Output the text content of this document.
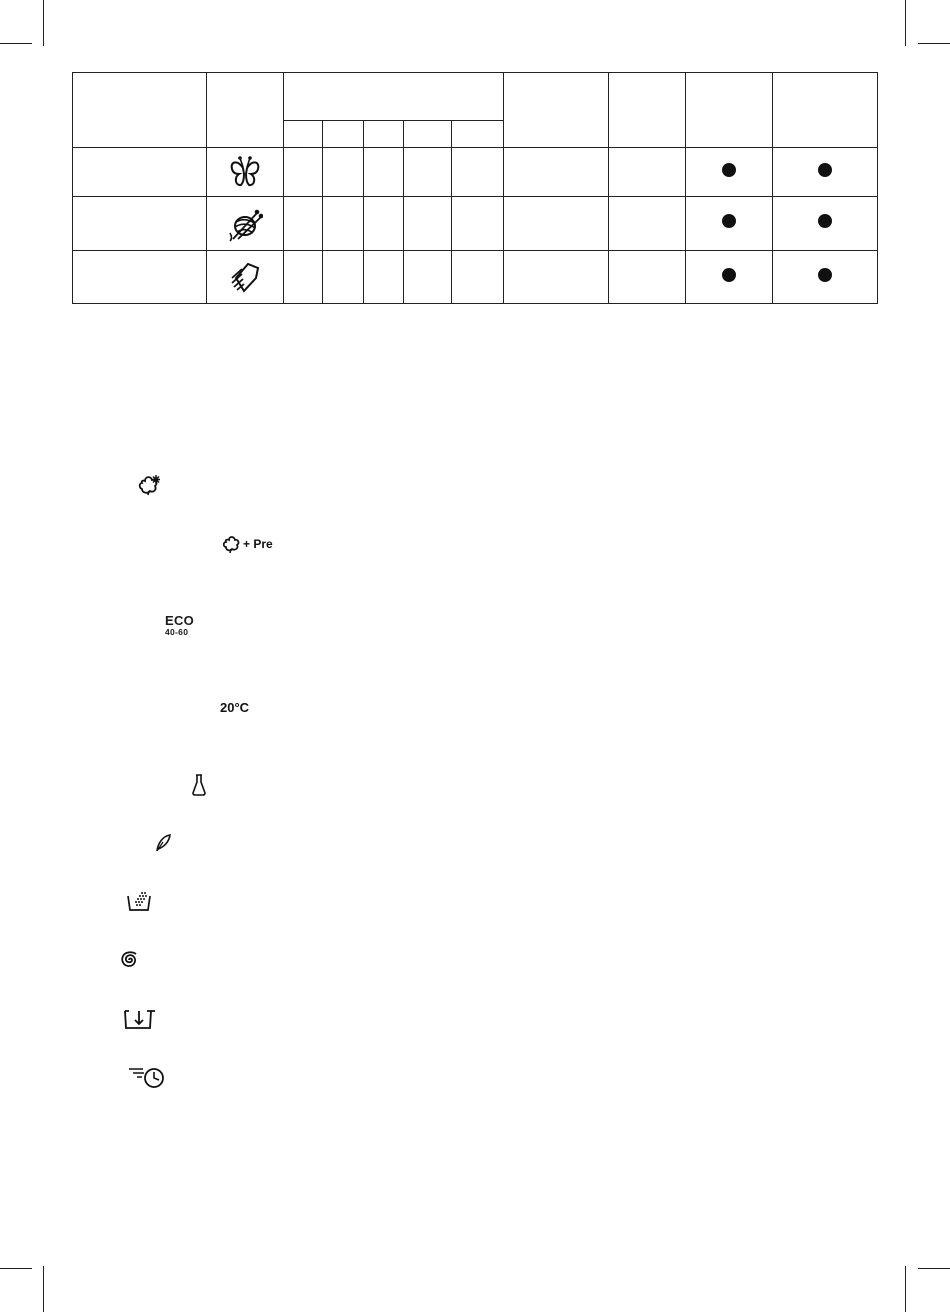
+ Pre
ECO
40-60
20°C
